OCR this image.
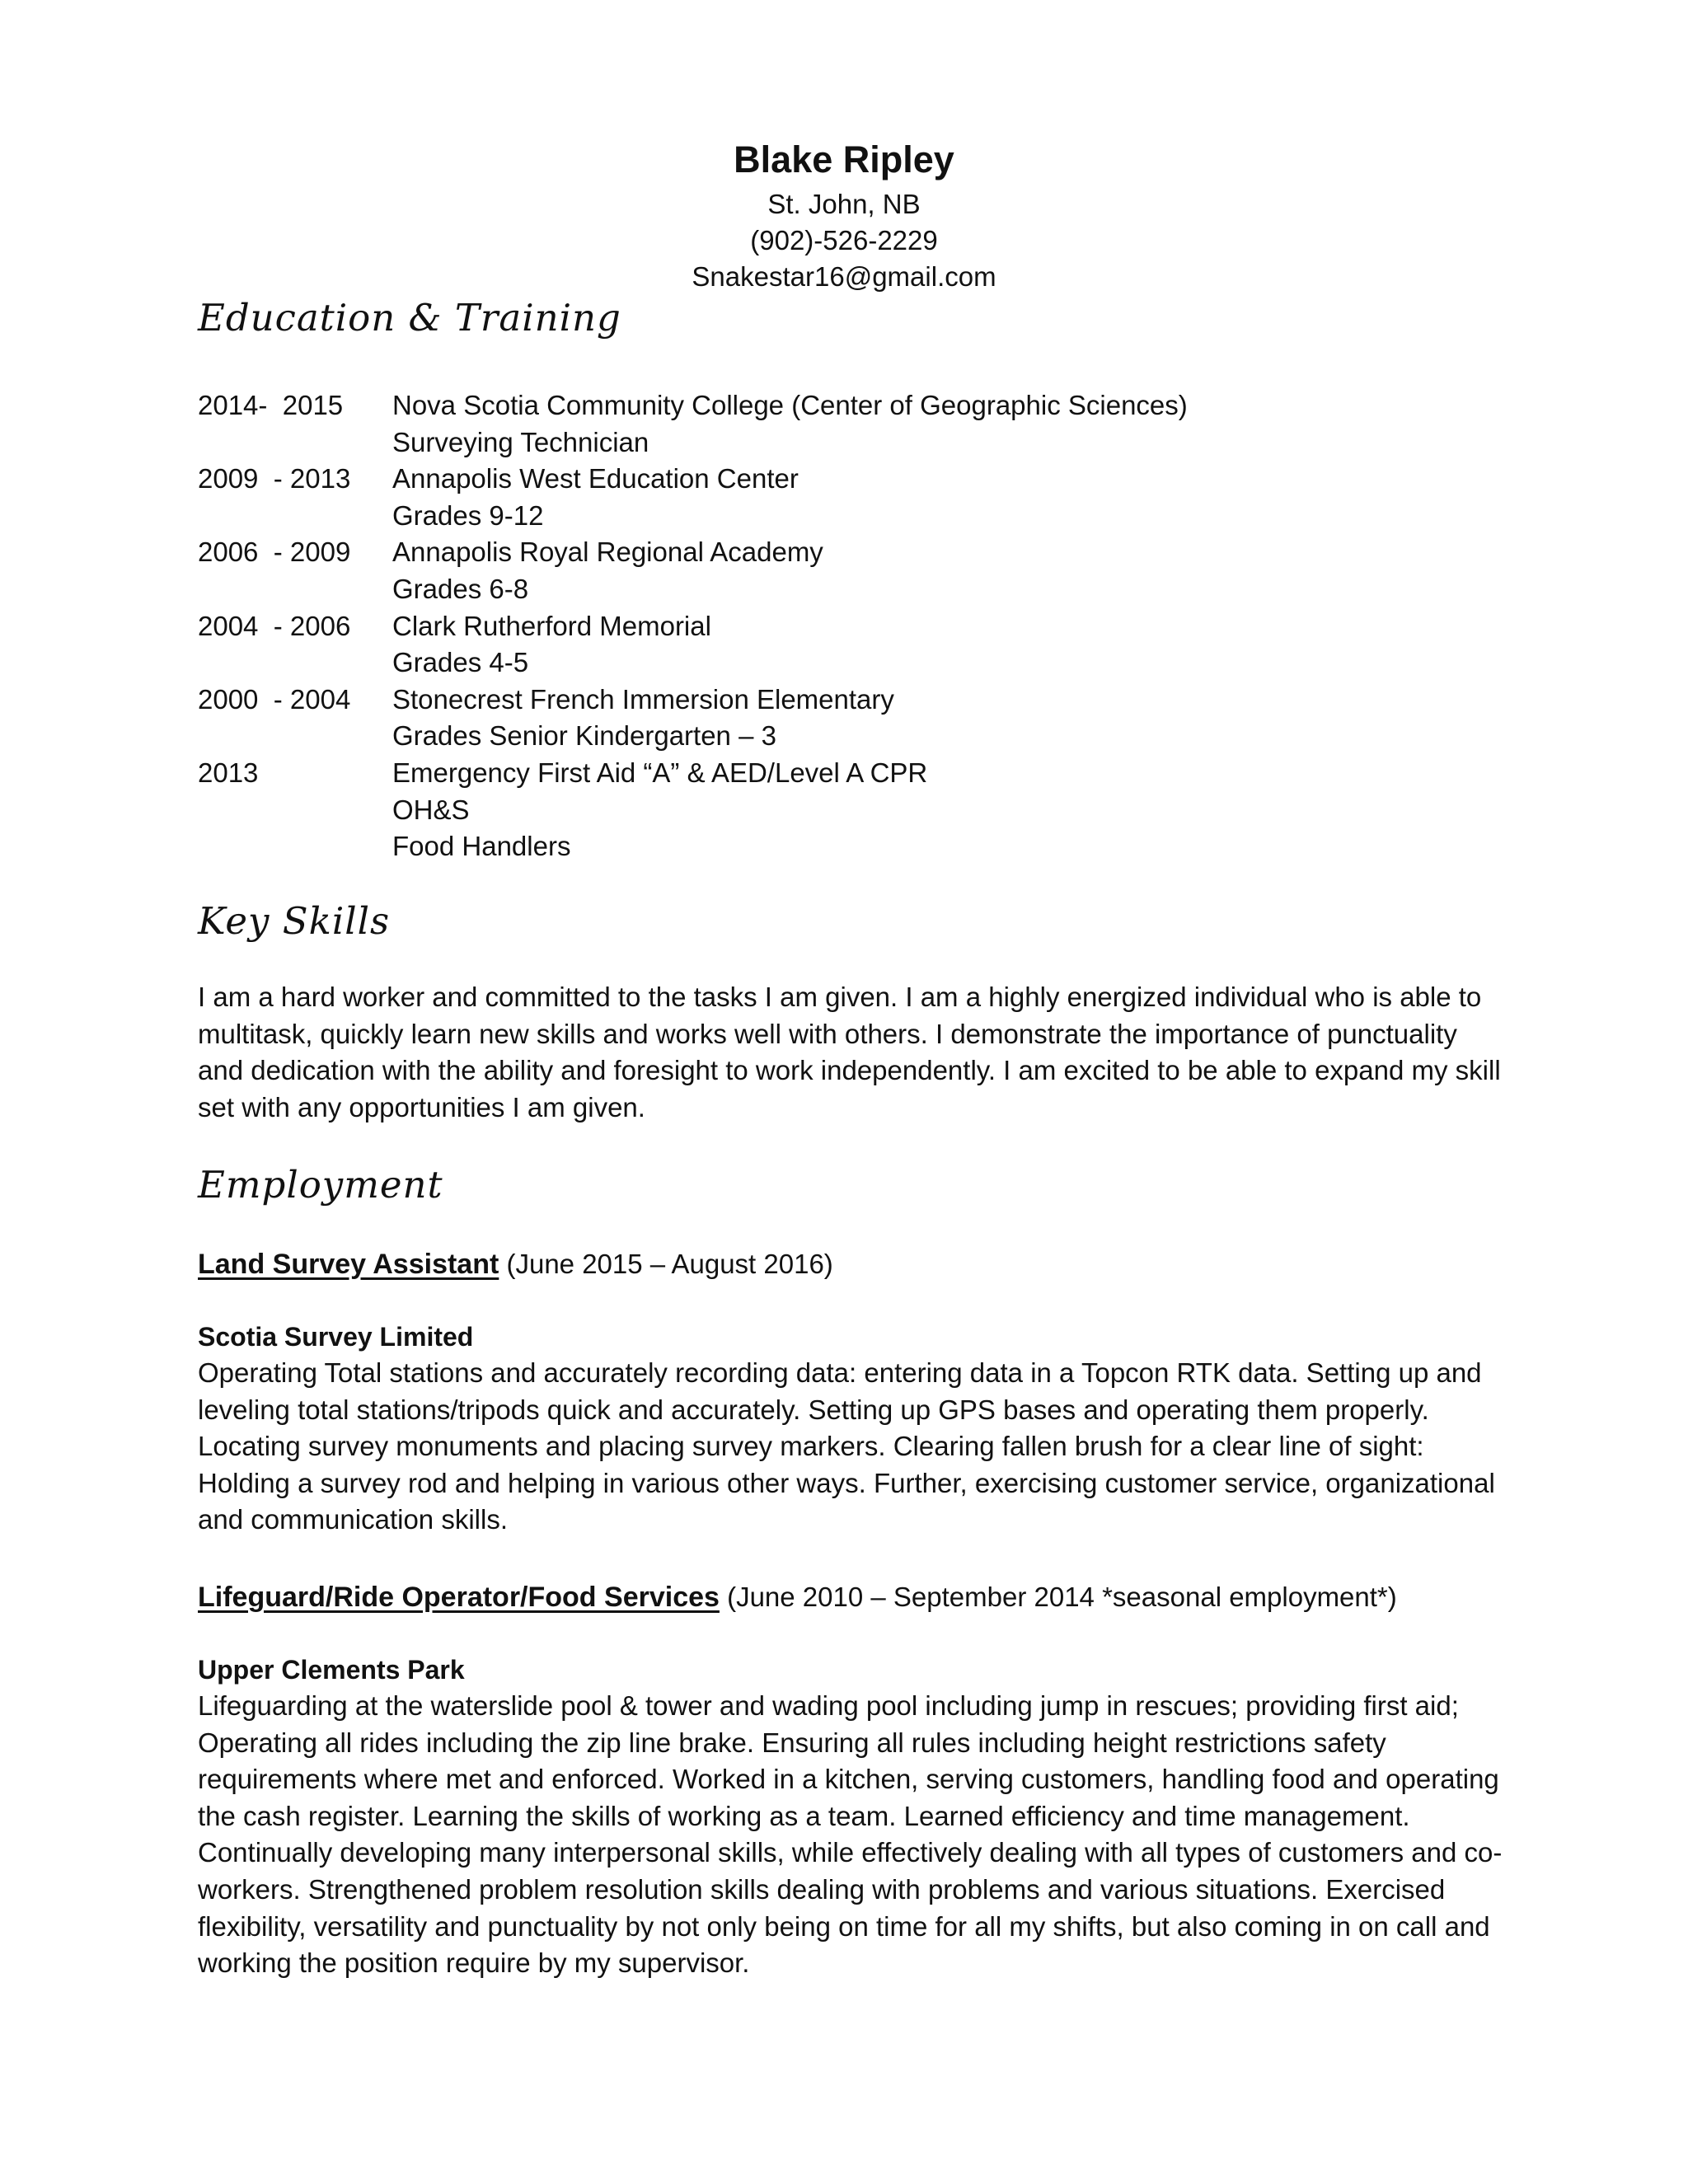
Blake Ripley
St. John, NB
(902)-526-2229
Snakestar16@gmail.com
Education & Training
2014-  2015	Nova Scotia Community College (Center of Geographic Sciences)
Surveying Technician
2009  - 2013	Annapolis West Education Center
Grades 9-12
2006  - 2009	Annapolis Royal Regional Academy
Grades 6-8
2004  - 2006	Clark Rutherford Memorial
Grades 4-5
2000  - 2004	Stonecrest French Immersion Elementary
Grades Senior Kindergarten – 3
2013	Emergency First Aid “A” & AED/Level A CPR
OH&S
Food Handlers
Key Skills
I am a hard worker and committed to the tasks I am given. I am a highly energized individual who is able to multitask, quickly learn new skills and works well with others. I demonstrate the importance of punctuality and dedication with the ability and foresight to work independently. I am excited to be able to expand my skill set with any opportunities I am given.
Employment
Land Survey Assistant (June 2015 – August 2016)
Scotia Survey Limited
Operating Total stations and accurately recording data: entering data in a Topcon RTK data. Setting up and leveling total stations/tripods quick and accurately. Setting up GPS bases and operating them properly. Locating survey monuments and placing survey markers. Clearing fallen brush for a clear line of sight: Holding a survey rod and helping in various other ways. Further, exercising customer service, organizational and communication skills.
Lifeguard/Ride Operator/Food Services (June 2010 – September 2014 *seasonal employment*)
Upper Clements Park
Lifeguarding at the waterslide pool & tower and wading pool including jump in rescues; providing first aid; Operating all rides including the zip line brake. Ensuring all rules including height restrictions safety requirements where met and enforced. Worked in a kitchen, serving customers, handling food and operating the cash register. Learning the skills of working as a team. Learned efficiency and time management. Continually developing many interpersonal skills, while effectively dealing with all types of customers and co-workers. Strengthened problem resolution skills dealing with problems and various situations. Exercised flexibility, versatility and punctuality by not only being on time for all my shifts, but also coming in on call and working the position require by my supervisor.
